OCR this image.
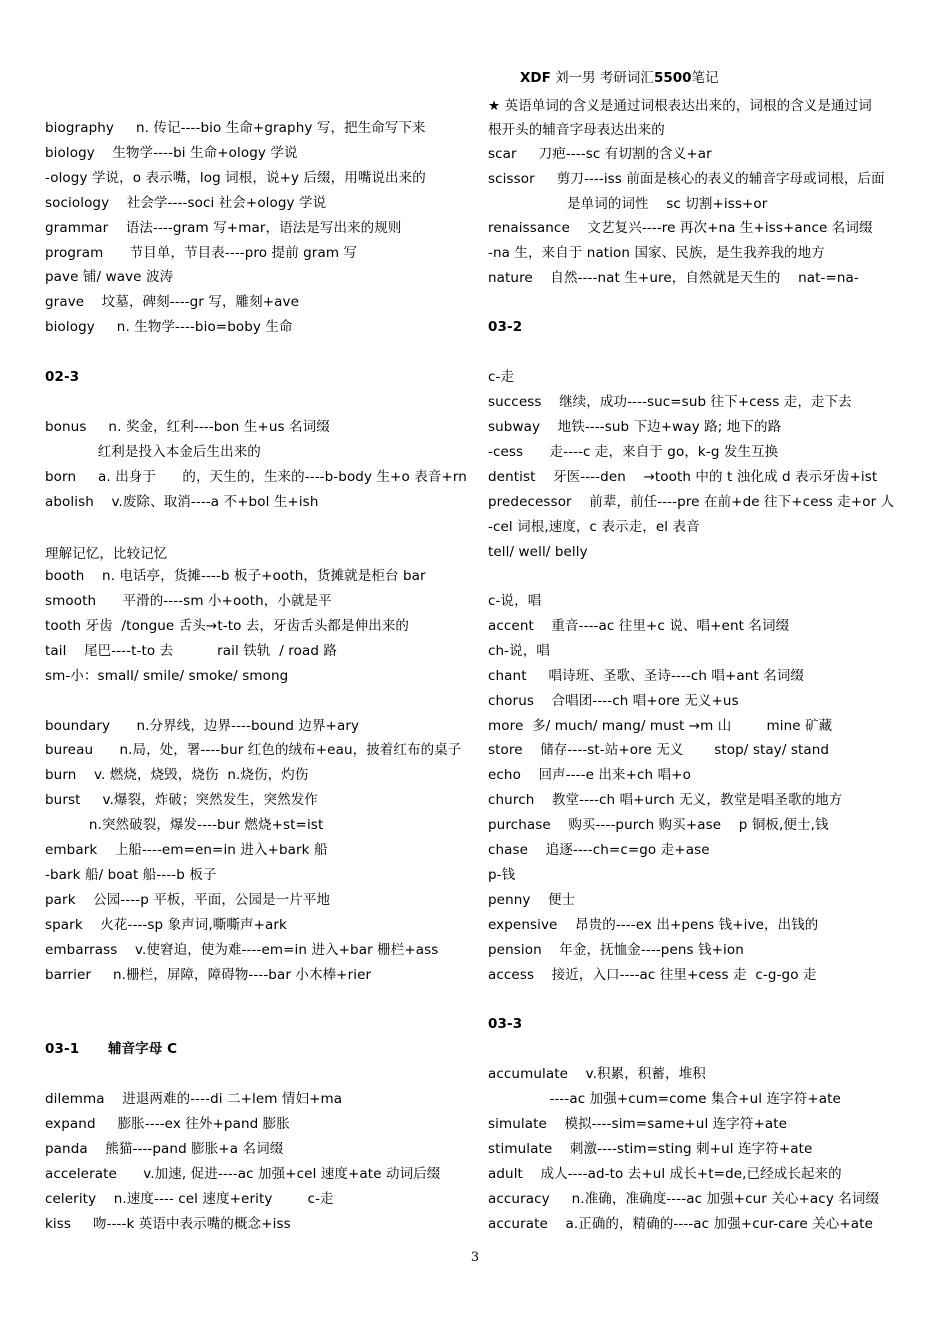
XDF 刘一男 考研词汇5500笔记
biography     n. 传记----bio 生命+graphy 写，把生命写下来
biology    生物学----bi 生命+ology 学说
-ology 学说，o 表示嘴，log 词根，说+y 后缀，用嘴说出来的
sociology    社会学----soci 社会+ology 学说
grammar    语法----gram 写+mar，语法是写出来的规则
program      节目单，节目表----pro 提前 gram 写
pave 铺/ wave 波涛
grave    坟墓，碑刻----gr 写，雕刻+ave
biology     n. 生物学----bio=boby 生命
02-3
bonus     n. 奖金，红利----bon 生+us 名词缀
红利是投入本金后生出来的
born     a. 出身于      的，天生的，生来的----b-body 生+o 表音+rn
abolish    v.废除、取消----a 不+bol 生+ish
理解记忆，比较记忆
booth    n. 电话亭，货摊----b 板子+ooth，货摊就是柜台 bar
smooth      平滑的----sm 小+ooth，小就是平
tooth 牙齿  /tongue 舌头→t-to 去，牙齿舌头都是伸出来的
tail    尾巴----t-to 去          rail 铁轨  / road 路
sm-小：small/ smile/ smoke/ smong
boundary      n.分界线，边界----bound 边界+ary
bureau      n.局，处，署----bur 红色的绒布+eau，披着红布的桌子
burn    v. 燃烧，烧毁，烧伤  n.烧伤，灼伤
burst     v.爆裂，炸破；突然发生，突然发作
n.突然破裂，爆发----bur 燃烧+st=ist
embark    上船----em=en=in 进入+bark 船
-bark 船/ boat 船----b 板子
park    公园----p 平板，平面，公园是一片平地
spark    火花----sp 象声词,嘶嘶声+ark
embarrass    v.使窘迫，使为难----em=in 进入+bar 栅栏+ass
barrier     n.栅栏，屏障，障碍物----bar 小木棒+rier
03-1      辅音字母 C
dilemma    进退两难的----di 二+lem 情妇+ma
expand     膨胀----ex 往外+pand 膨胀
panda    熊猫----pand 膨胀+a 名词缀
accelerate      v.加速, 促进----ac 加强+cel 速度+ate 动词后缀
celerity    n.速度---- cel 速度+erity        c-走
kiss     吻----k 英语中表示嘴的概念+iss
★ 英语单词的含义是通过词根表达出来的，词根的含义是通过词
根开头的辅音字母表达出来的
scar     刀疤----sc 有切割的含义+ar
scissor     剪刀----iss 前面是核心的表义的辅音字母或词根，后面
是单词的词性    sc 切割+iss+or
renaissance    文艺复兴----re 再次+na 生+iss+ance 名词缀
-na 生，来自于 nation 国家、民族，是生我养我的地方
nature    自然----nat 生+ure，自然就是天生的    nat-=na-
03-2
c-走
success    继续，成功----suc=sub 往下+cess 走，走下去
subway    地铁----sub 下边+way 路; 地下的路
-cess      走----c 走，来自于 go，k-g 发生互换
dentist    牙医----den    →tooth 中的 t 浊化成 d 表示牙齿+ist
predecessor    前辈，前任----pre 在前+de 往下+cess 走+or 人
-cel 词根,速度，c 表示走，el 表音
tell/ well/ belly
c-说，唱
accent    重音----ac 往里+c 说、唱+ent 名词缀
ch-说，唱
chant     唱诗班、圣歌、圣诗----ch 唱+ant 名词缀
chorus    合唱团----ch 唱+ore 无义+us
more  多/ much/ mang/ must →m 山        mine 矿藏
store    储存----st-站+ore 无义       stop/ stay/ stand
echo    回声----e 出来+ch 唱+o
church    教堂----ch 唱+urch 无义，教堂是唱圣歌的地方
purchase    购买----purch 购买+ase    p 铜板,便士,钱
chase    追逐----ch=c=go 走+ase
p-钱
penny    便士
expensive    昂贵的----ex 出+pens 钱+ive，出钱的
pension    年金，抚恤金----pens 钱+ion
access    接近，入口----ac 往里+cess 走  c-g-go 走
03-3
accumulate    v.积累，积蓄，堆积
----ac 加强+cum=come 集合+ul 连字符+ate
simulate    模拟----sim=same+ul 连字符+ate
stimulate    刺激----stim=sting 刺+ul 连字符+ate
adult    成人----ad-to 去+ul 成长+t=de,已经成长起来的
accuracy     n.准确，准确度----ac 加强+cur 关心+acy 名词缀
accurate    a.正确的，精确的----ac 加强+cur-care 关心+ate
3
